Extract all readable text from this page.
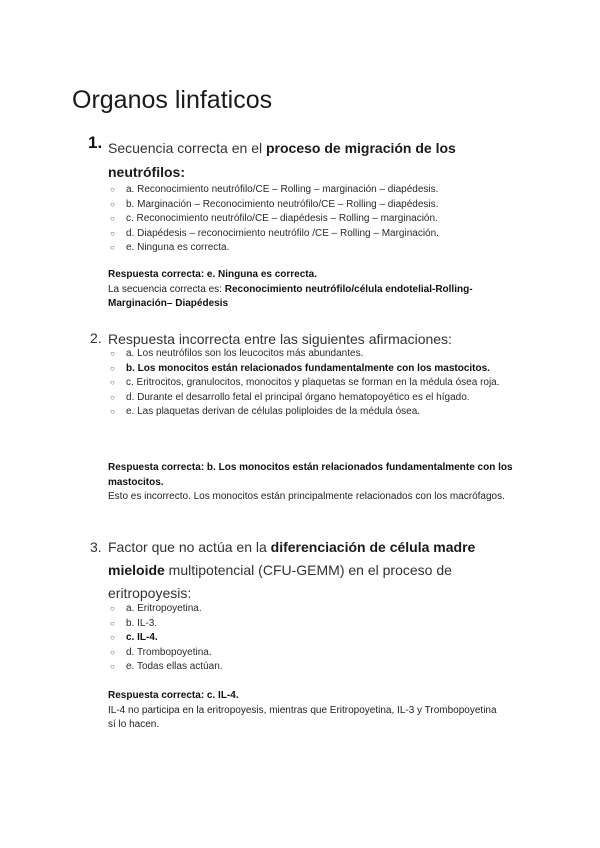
Organos linfaticos
1. Secuencia correcta en el proceso de migración de los neutrófilos:
○ a. Reconocimiento neutrófilo/CE – Rolling – marginación – diapédesis.
○ b. Marginación – Reconocimiento neutrófilo/CE – Rolling – diapédesis.
○ c. Reconocimiento neutrófilo/CE – diapédesis – Rolling – marginación.
○ d. Diapédesis – reconocimiento neutrófilo /CE – Rolling – Marginación.
○ e. Ninguna es correcta.
Respuesta correcta: e. Ninguna es correcta.
La secuencia correcta es: Reconocimiento neutrófilo/célula endotelial-Rolling-Marginación– Diapédesis
2. Respuesta incorrecta entre las siguientes afirmaciones:
○ a. Los neutrófilos son los leucocitos más abundantes.
○ b. Los monocitos están relacionados fundamentalmente con los mastocitos.
○ c. Eritrocitos, granulocitos, monocitos y plaquetas se forman en la médula ósea roja.
○ d. Durante el desarrollo fetal el principal órgano hematopoyético es el hígado.
○ e. Las plaquetas derivan de células poliploides de la médula ósea.
Respuesta correcta: b. Los monocitos están relacionados fundamentalmente con los mastocitos.
Esto es incorrecto. Los monocitos están principalmente relacionados con los macrófagos.
3. Factor que no actúa en la diferenciación de célula madre mieloide multipotencial (CFU-GEMM) en el proceso de eritropoyesis:
○ a. Eritropoyetina.
○ b. IL-3.
○ c. IL-4.
○ d. Trombopoyetina.
○ e. Todas ellas actúan.
Respuesta correcta: c. IL-4.
IL-4 no participa en la eritropoyesis, mientras que Eritropoyetina, IL-3 y Trombopoyetina sí lo hacen.
